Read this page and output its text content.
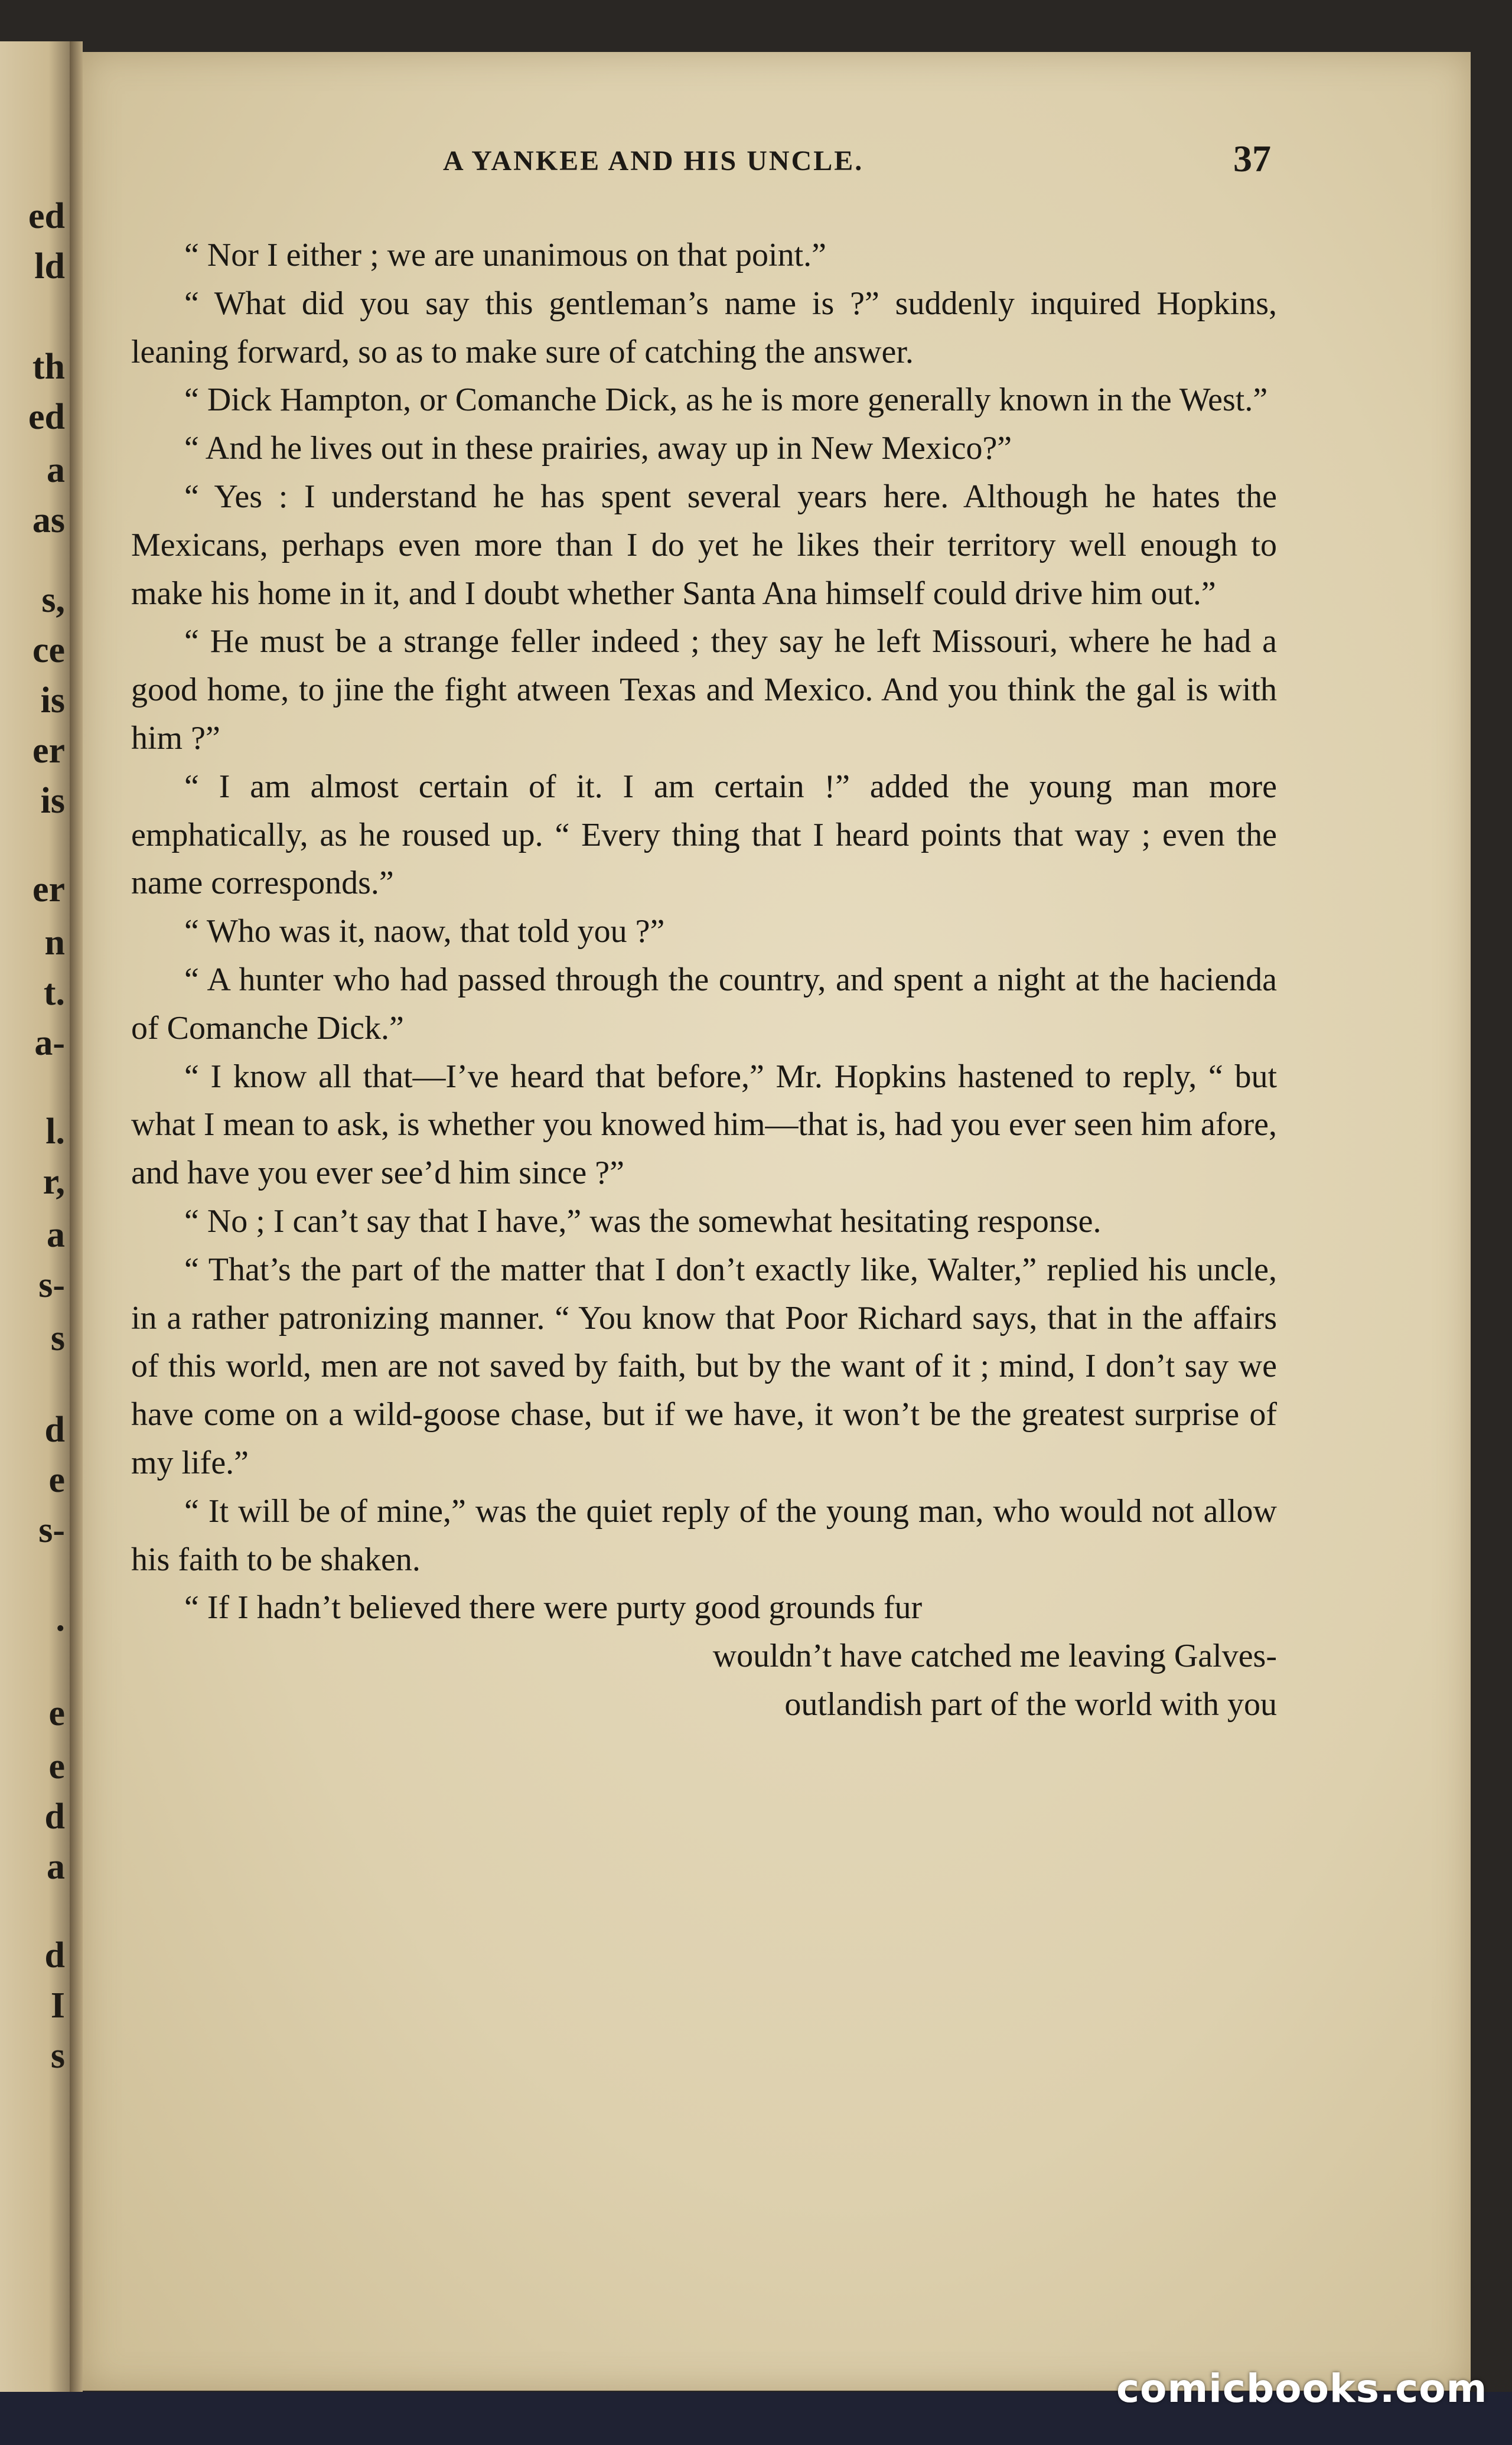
ed
ld
th
ed
a
as
s,
ce
is
er
is
er
n
t.
a-
l.
r,
a
s-
s
d
e
s-
.
e
e
d
a
d
I
s
A YANKEE AND HIS UNCLE.	37

“ Nor I either ; we are unanimous on that point.”

“ What did you say this gentleman’s name is ?” suddenly inquired Hopkins, leaning forward, so as to make sure of catching the answer.

“ Dick Hampton, or Comanche Dick, as he is more generally known in the West.”

“ And he lives out in these prairies, away up in New Mexico?”

“ Yes : I understand he has spent several years here. Although he hates the Mexicans, perhaps even more than I do yet he likes their territory well enough to make his home in it, and I doubt whether Santa Ana himself could drive him out.”

“ He must be a strange feller indeed ; they say he left Missouri, where he had a good home, to jine the fight atween Texas and Mexico. And you think the gal is with him ?”

“ I am almost certain of it. I am certain !” added the young man more emphatically, as he roused up. “ Every thing that I heard points that way ; even the name corresponds.”

“ Who was it, naow, that told you ?”

“ A hunter who had passed through the country, and spent a night at the hacienda of Comanche Dick.”

“ I know all that—I’ve heard that before,” Mr. Hopkins hastened to reply, “ but what I mean to ask, is whether you knowed him—that is, had you ever seen him afore, and have you ever see’d him since ?”

“ No ; I can’t say that I have,” was the somewhat hesitating response.

“ That’s the part of the matter that I don’t exactly like, Walter,” replied his uncle, in a rather patronizing manner. “ You know that Poor Richard says, that in the affairs of this world, men are not saved by faith, but by the want of it ; mind, I don’t say we have come on a wild-goose chase, but if we have, it won’t be the greatest surprise of my life.”

“ It will be of mine,” was the quiet reply of the young man, who would not allow his faith to be shaken.

“ If I hadn’t believed there were purty good grounds fur

wouldn’t have catched me leaving Galves-

outlandish part of the world with you

comicbooks.com
